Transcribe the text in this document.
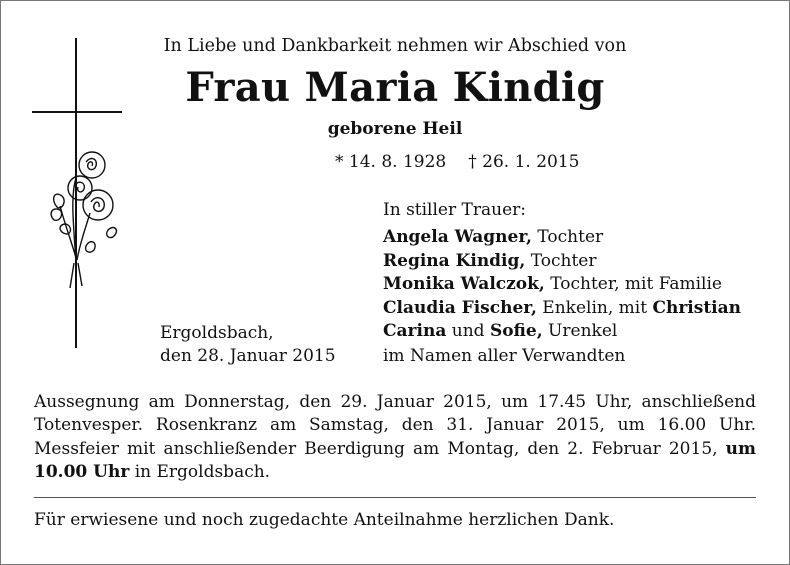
In Liebe und Dankbarkeit nehmen wir Abschied von
Frau Maria Kindig
geborene Heil
* 14. 8. 1928 † 26. 1. 2015
In stiller Trauer:
Angela Wagner, Tochter
Regina Kindig, Tochter
Monika Walczok, Tochter, mit Familie
Claudia Fischer, Enkelin, mit Christian
Carina und Sofie, Urenkel
Ergoldsbach,
den 28. Januar 2015	im Namen aller Verwandten
Aussegnung am Donnerstag, den 29. Januar 2015, um 17.45 Uhr, anschließend Totenvesper. Rosenkranz am Samstag, den 31. Januar 2015, um 16.00 Uhr. Messfeier mit anschließender Beerdigung am Montag, den 2. Februar 2015, um 10.00 Uhr in Ergoldsbach.
Für erwiesene und noch zugedachte Anteilnahme herzlichen Dank.
